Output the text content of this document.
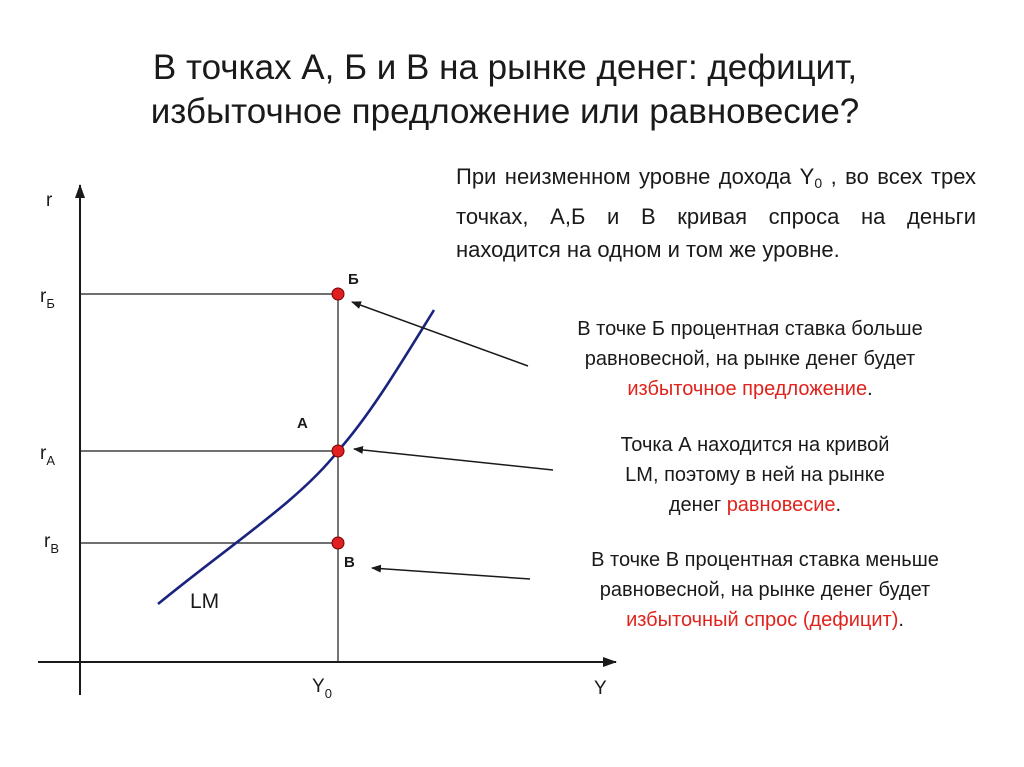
В точках А, Б и В на рынке денег: дефицит,
избыточное предложение или равновесие?
При неизменном уровне дохода $Y_0$ , во всех трех точках, А,Б и В кривая спроса на деньги находится на одном и том же уровне.
В точке Б процентная ставка больше
равновесной, на рынке денег будет
избыточное предложение.
Точка А находится на кривой
LM, поэтому в ней на рынке
денег равновесие.
В точке В процентная ставка меньше
равновесной, на рынке денег будет
избыточный спрос (дефицит).
Б
А
В
r
Y
$r_Б$
$r_A$
$r_B$
$Y_0$
LM
